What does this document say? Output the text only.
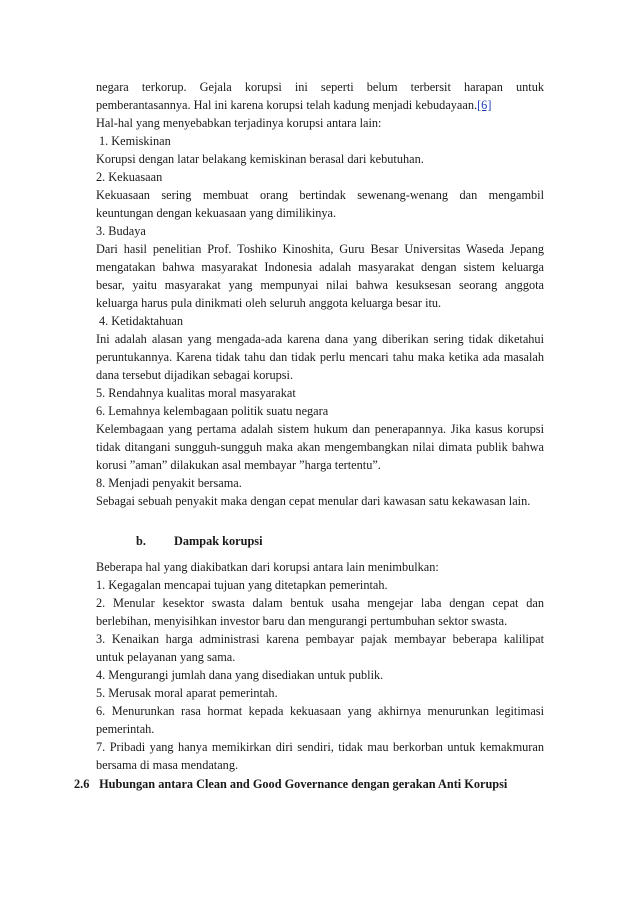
negara terkorup. Gejala korupsi ini seperti belum terbersit harapan untuk
pemberantasannya. Hal ini karena korupsi telah kadung menjadi kebudayaan.[6]
Hal-hal yang menyebabkan terjadinya korupsi antara lain:
1. Kemiskinan
Korupsi dengan latar belakang kemiskinan berasal dari kebutuhan.
2. Kekuasaan
Kekuasaan sering membuat orang bertindak sewenang-wenang dan mengambil
keuntungan dengan kekuasaan yang dimilikinya.
3. Budaya
Dari hasil penelitian Prof. Toshiko Kinoshita, Guru Besar Universitas Waseda Jepang
mengatakan bahwa masyarakat Indonesia adalah masyarakat dengan sistem keluarga
besar, yaitu masyarakat yang mempunyai nilai bahwa kesuksesan seorang anggota
keluarga harus pula dinikmati oleh seluruh anggota keluarga besar itu.
4. Ketidaktahuan
Ini adalah alasan yang mengada-ada karena dana yang diberikan sering tidak diketahui
peruntukannya. Karena tidak tahu dan tidak perlu mencari tahu maka ketika ada masalah
dana tersebut dijadikan sebagai korupsi.
5. Rendahnya kualitas moral masyarakat
6. Lemahnya kelembagaan politik suatu negara
Kelembagaan yang pertama adalah sistem hukum dan penerapannya. Jika kasus korupsi
tidak ditangani sungguh-sungguh maka akan mengembangkan nilai dimata publik bahwa
korusi ”aman” dilakukan asal membayar ”harga tertentu”.
8. Menjadi penyakit bersama.
Sebagai sebuah penyakit maka dengan cepat menular dari kawasan satu kekawasan lain.
b. Dampak korupsi
Beberapa hal yang diakibatkan dari korupsi antara lain menimbulkan:
1. Kegagalan mencapai tujuan yang ditetapkan pemerintah.
2. Menular kesektor swasta dalam bentuk usaha mengejar laba dengan cepat dan
berlebihan, menyisihkan investor baru dan mengurangi pertumbuhan sektor swasta.
3. Kenaikan harga administrasi karena pembayar pajak membayar beberapa kalilipat
untuk pelayanan yang sama.
4. Mengurangi jumlah dana yang disediakan untuk publik.
5. Merusak moral aparat pemerintah.
6. Menurunkan rasa hormat kepada kekuasaan yang akhirnya menurunkan legitimasi
pemerintah.
7. Pribadi yang hanya memikirkan diri sendiri, tidak mau berkorban untuk kemakmuran
bersama di masa mendatang.
2.6 Hubungan antara Clean and Good Governance dengan gerakan Anti Korupsi
